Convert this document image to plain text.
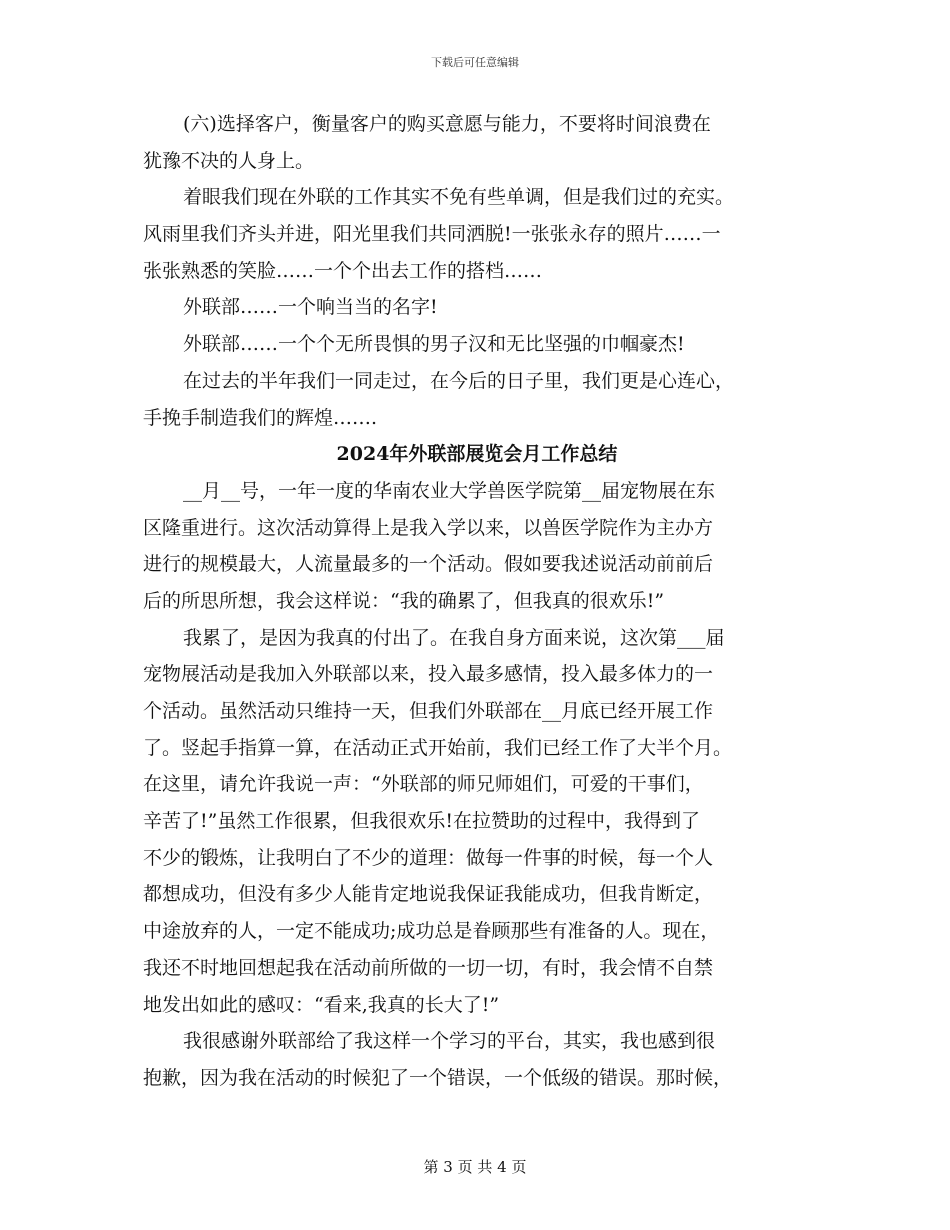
下载后可任意编辑
(六)选择客户，衡量客户的购买意愿与能力，不要将时间浪费在
犹豫不决的人身上。
着眼我们现在外联的工作其实不免有些单调，但是我们过的充实。
风雨里我们齐头并进，阳光里我们共同洒脱!一张张永存的照片……一
张张熟悉的笑脸……一个个出去工作的搭档……
外联部……一个响当当的名字!
外联部……一个个无所畏惧的男子汉和无比坚强的巾帼豪杰!
在过去的半年我们一同走过，在今后的日子里，我们更是心连心，
手挽手制造我们的辉煌…….
2024年外联部展览会月工作总结
__月__号，一年一度的华南农业大学兽医学院第__届宠物展在东
区隆重进行。这次活动算得上是我入学以来，以兽医学院作为主办方
进行的规模最大，人流量最多的一个活动。假如要我述说活动前前后
后的所思所想，我会这样说：“我的确累了，但我真的很欢乐!”
我累了，是因为我真的付出了。在我自身方面来说，这次第___届
宠物展活动是我加入外联部以来，投入最多感情，投入最多体力的一
个活动。虽然活动只维持一天，但我们外联部在__月底已经开展工作
了。竖起手指算一算，在活动正式开始前，我们已经工作了大半个月。
在这里，请允许我说一声：“外联部的师兄师姐们，可爱的干事们，
辛苦了!”虽然工作很累，但我很欢乐!在拉赞助的过程中，我得到了
不少的锻炼，让我明白了不少的道理：做每一件事的时候，每一个人
都想成功，但没有多少人能肯定地说我保证我能成功，但我肯断定，
中途放弃的人，一定不能成功;成功总是眷顾那些有准备的人。现在，
我还不时地回想起我在活动前所做的一切一切，有时，我会情不自禁
地发出如此的感叹：“看来,我真的长大了!”
我很感谢外联部给了我这样一个学习的平台，其实，我也感到很
抱歉，因为我在活动的时候犯了一个错误，一个低级的错误。那时候，
第 3 页 共 4 页
